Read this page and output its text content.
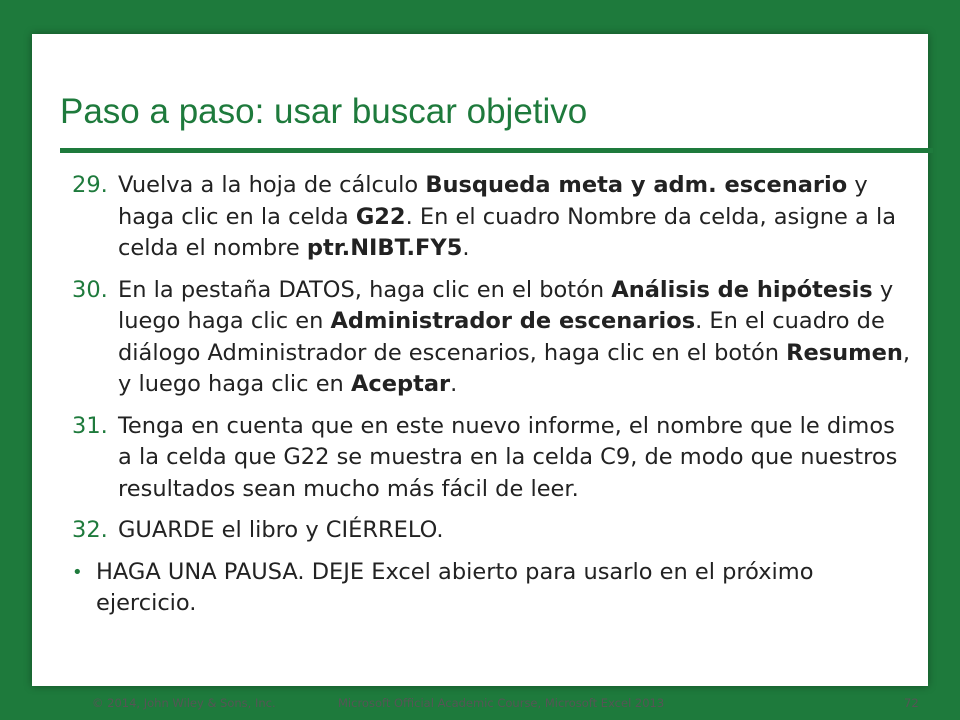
Paso a paso: usar buscar objetivo
29. Vuelva a la hoja de cálculo Busqueda meta y adm. escenario y haga clic en la celda G22. En el cuadro Nombre da celda, asigne a la celda el nombre ptr.NIBT.FY5.
30. En la pestaña DATOS, haga clic en el botón Análisis de hipótesis y luego haga clic en Administrador de escenarios. En el cuadro de diálogo Administrador de escenarios, haga clic en el botón Resumen, y luego haga clic en Aceptar.
31. Tenga en cuenta que en este nuevo informe, el nombre que le dimos a la celda que G22 se muestra en la celda C9, de modo que nuestros resultados sean mucho más fácil de leer.
32. GUARDE el libro y CIÉRRELO.
• HAGA UNA PAUSA. DEJE Excel abierto para usarlo en el próximo ejercicio.
© 2014, John Wiley & Sons, Inc.	Microsoft Official Academic Course, Microsoft Excel 2013	72
